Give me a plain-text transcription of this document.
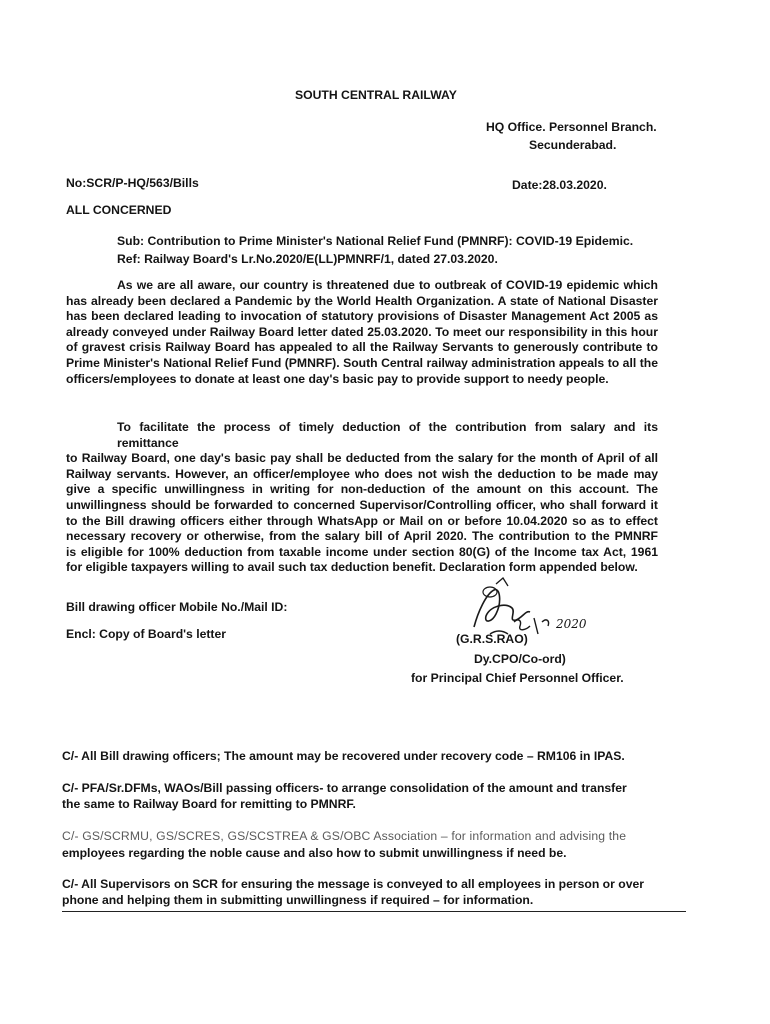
SOUTH CENTRAL RAILWAY
HQ Office. Personnel Branch.
Secunderabad.
No:SCR/P-HQ/563/Bills	Date:28.03.2020.
ALL CONCERNED
Sub: Contribution to Prime Minister's National Relief Fund (PMNRF): COVID-19 Epidemic.
Ref: Railway Board's Lr.No.2020/E(LL)PMNRF/1, dated 27.03.2020.
As we are all aware, our country is threatened due to outbreak of COVID-19 epidemic which
has already been declared a Pandemic by the World Health Organization. A state of National Disaster
has been declared leading to invocation of statutory provisions of Disaster Management Act 2005 as
already conveyed under Railway Board letter dated 25.03.2020. To meet our responsibility in this hour
of gravest crisis Railway Board has appealed to all the Railway Servants to generously contribute to
Prime Minister's National Relief Fund (PMNRF). South Central railway administration appeals to all the
officers/employees to donate at least one day's basic pay to provide support to needy people.
To facilitate the process of timely deduction of the contribution from salary and its remittance
to Railway Board, one day's basic pay shall be deducted from the salary for the month of April of all
Railway servants. However, an officer/employee who does not wish the deduction to be made may
give a specific unwillingness in writing for non-deduction of the amount on this account. The
unwillingness should be forwarded to concerned Supervisor/Controlling officer, who shall forward it
to the Bill drawing officers either through WhatsApp or Mail on or before 10.04.2020 so as to effect
necessary recovery or otherwise, from the salary bill of April 2020. The contribution to the PMNRF
is eligible for 100% deduction from taxable income under section 80(G) of the Income tax Act, 1961
for eligible taxpayers willing to avail such tax deduction benefit. Declaration form appended below.
Bill drawing officer Mobile No./Mail ID:
Encl: Copy of Board's letter
2020
(G.R.S.RAO)
Dy.CPO/Co-ord)
for Principal Chief Personnel Officer.
C/- All Bill drawing officers; The amount may be recovered under recovery code – RM106 in IPAS.
C/- PFA/Sr.DFMs, WAOs/Bill passing officers- to arrange consolidation of the amount and transfer
the same to Railway Board for remitting to PMNRF.
C/- GS/SCRMU, GS/SCRES, GS/SCSTREA & GS/OBC Association – for information and advising the
employees regarding the noble cause and also how to submit unwillingness if need be.
C/- All Supervisors on SCR for ensuring the message is conveyed to all employees in person or over
phone and helping them in submitting unwillingness if required – for information.
